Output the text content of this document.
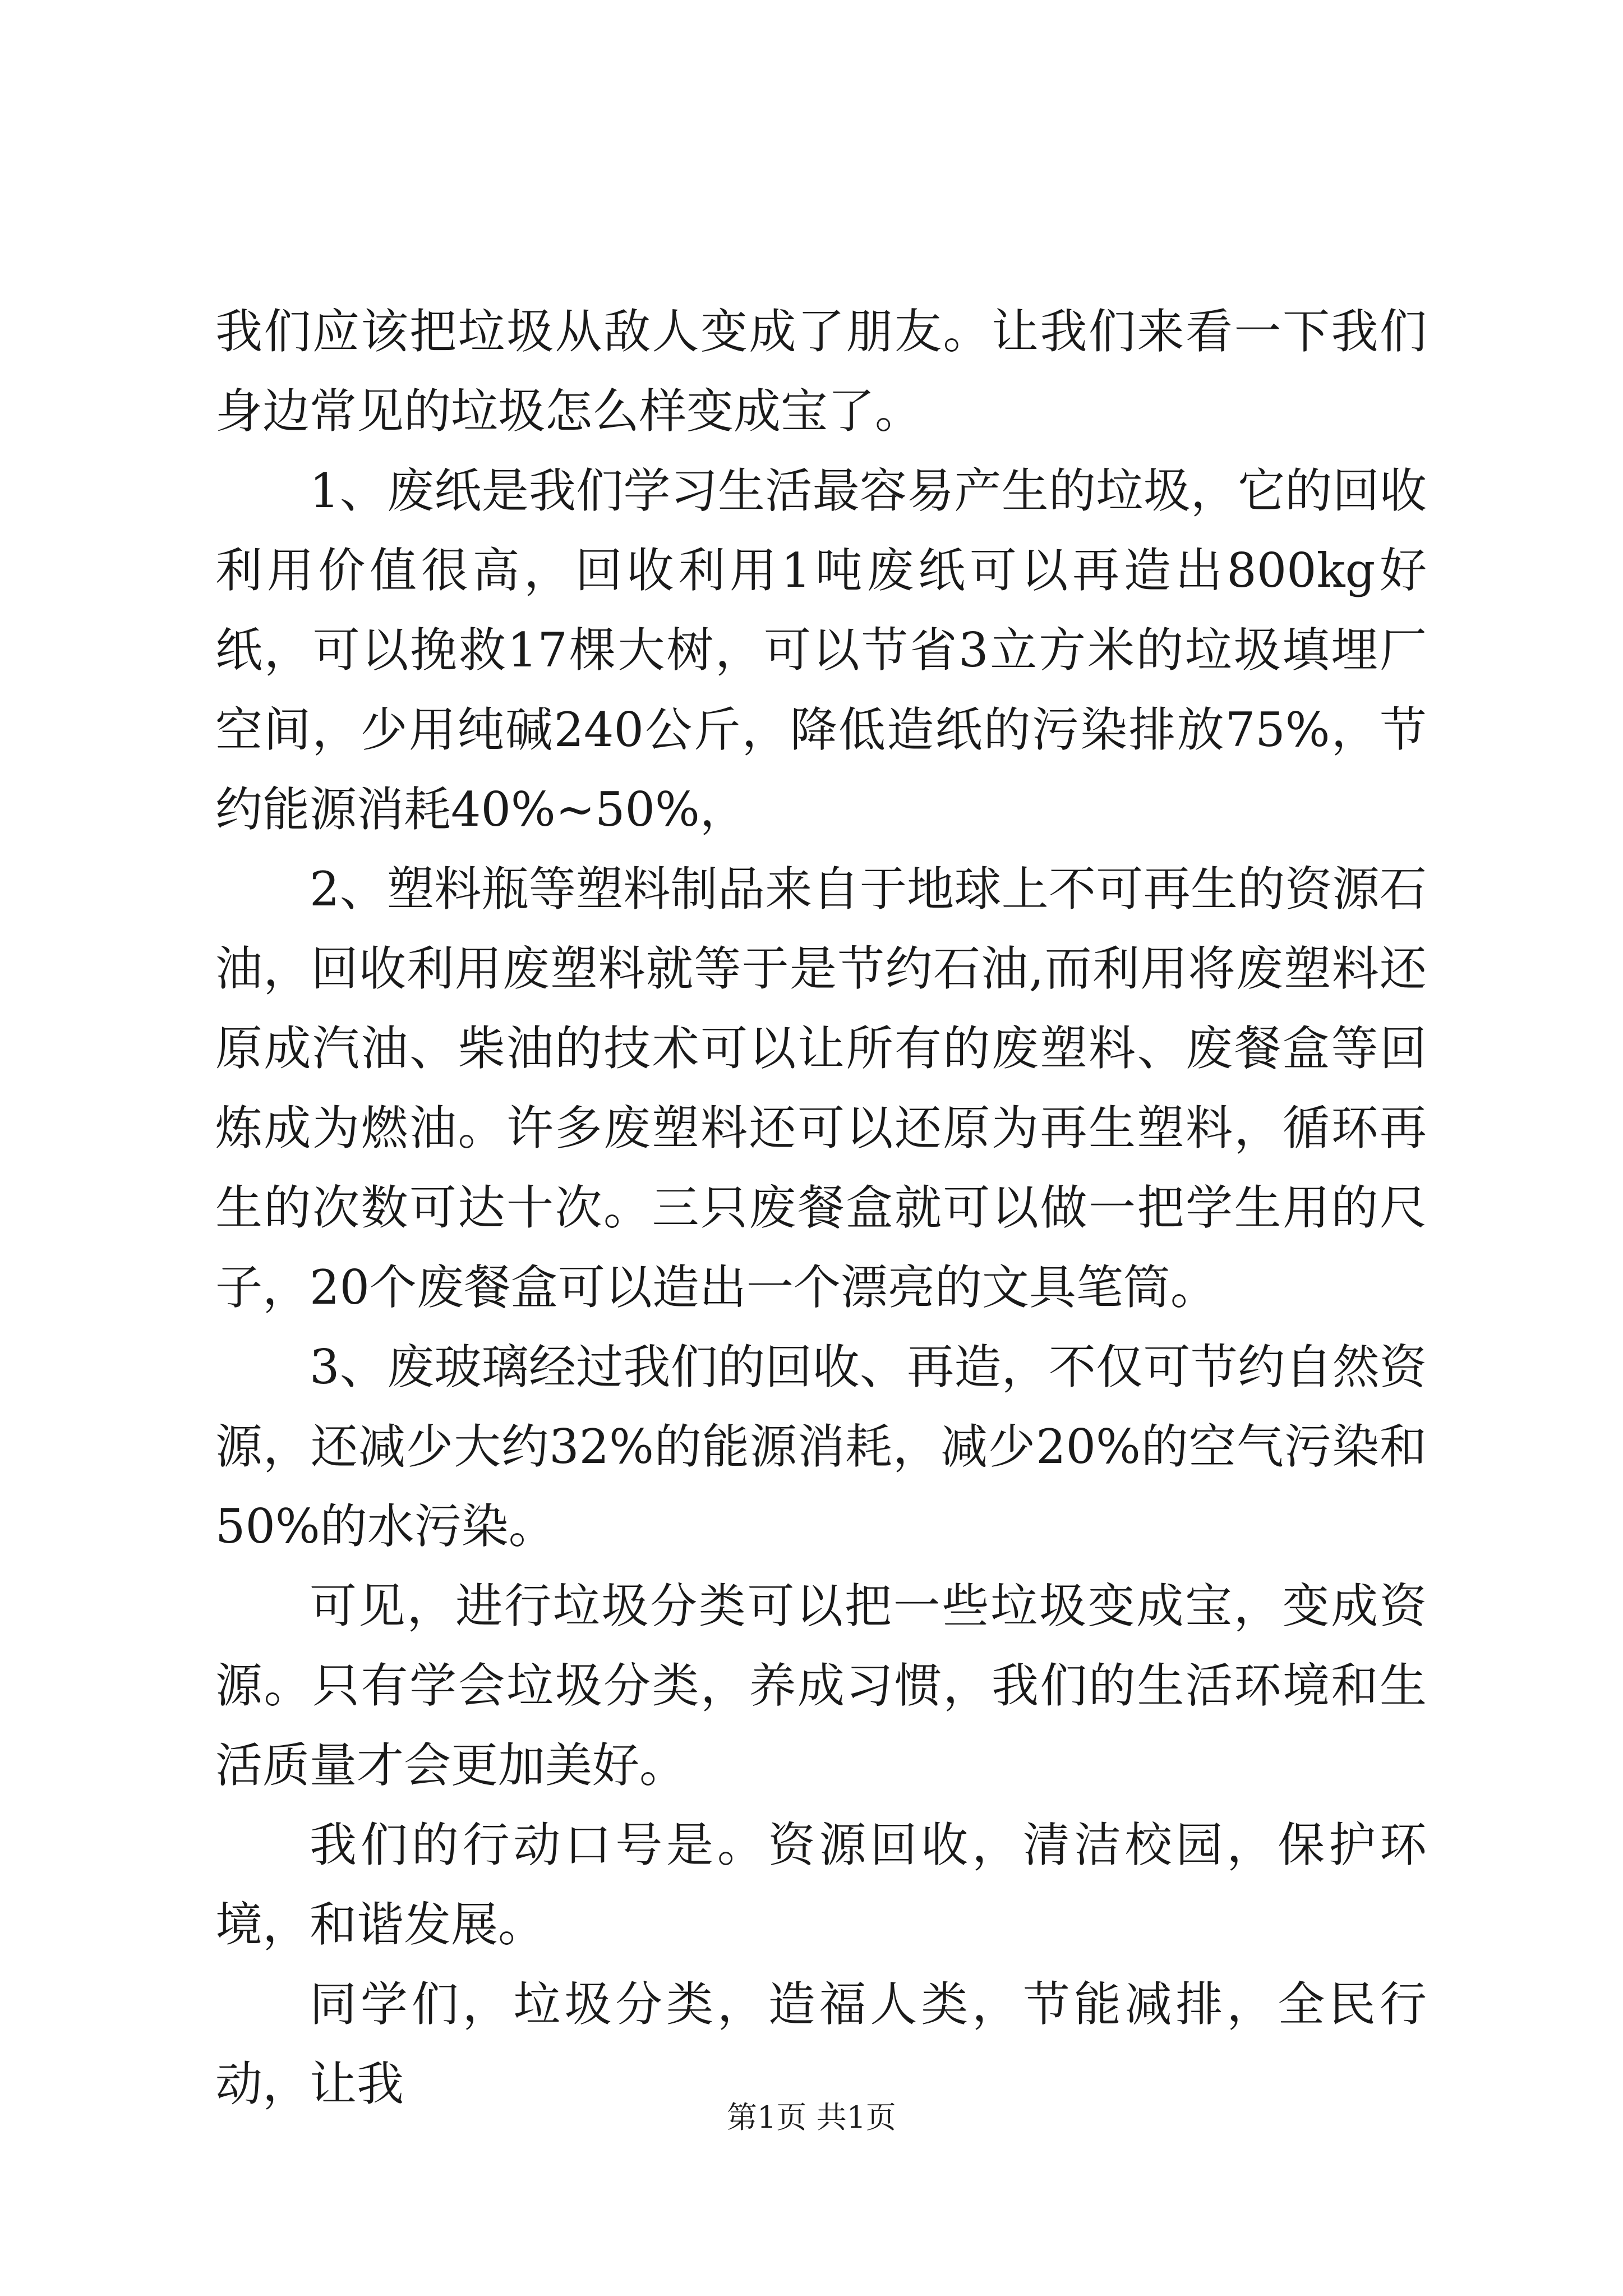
我们应该把垃圾从敌人变成了朋友。让我们来看一下我们身边常见的垃圾怎么样变成宝了。

1、废纸是我们学习生活最容易产生的垃圾，它的回收利用价值很高，回收利用1吨废纸可以再造出800kg好纸，可以挽救17棵大树，可以节省3立方米的垃圾填埋厂空间，少用纯碱240公斤，降低造纸的污染排放75%，节约能源消耗40%~50%，

2、塑料瓶等塑料制品来自于地球上不可再生的资源石油，回收利用废塑料就等于是节约石油,而利用将废塑料还原成汽油、柴油的技术可以让所有的废塑料、废餐盒等回炼成为燃油。许多废塑料还可以还原为再生塑料，循环再生的次数可达十次。三只废餐盒就可以做一把学生用的尺子，20个废餐盒可以造出一个漂亮的文具笔筒。

3、废玻璃经过我们的回收、再造，不仅可节约自然资源，还减少大约32%的能源消耗，减少20%的空气污染和50%的水污染。

可见，进行垃圾分类可以把一些垃圾变成宝，变成资源。只有学会垃圾分类，养成习惯，我们的生活环境和生活质量才会更加美好。

我们的行动口号是。资源回收，清洁校园，保护环境，和谐发展。

同学们，垃圾分类，造福人类，节能减排，全民行动，让我

第1页 共1页
